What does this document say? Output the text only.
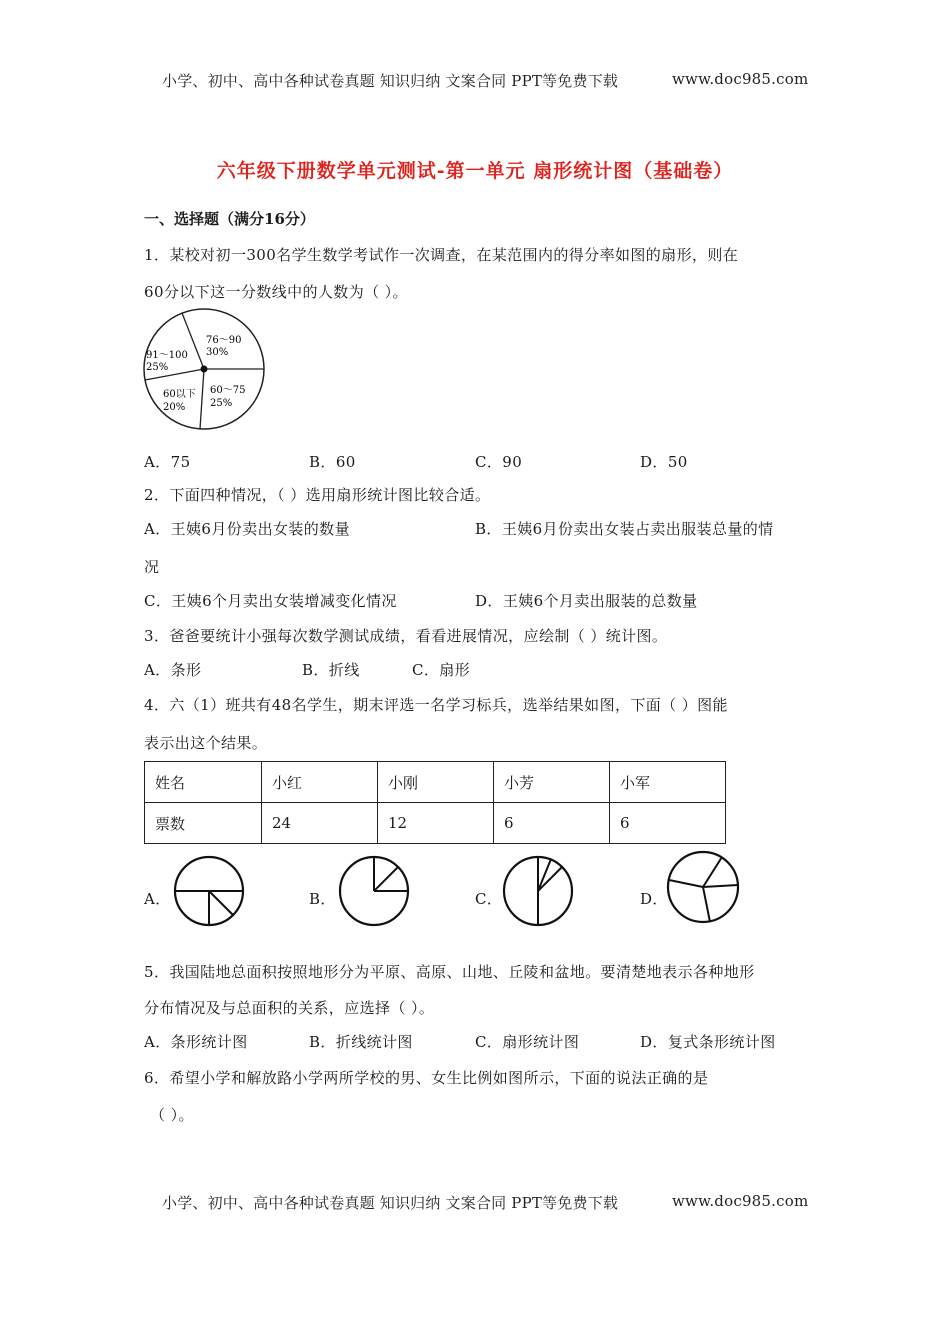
小学、初中、高中各种试卷真题 知识归纳 文案合同 PPT等免费下载	www.doc985.com
六年级下册数学单元测试-第一单元 扇形统计图（基础卷）
一、选择题（满分16分）
1．某校对初一300名学生数学考试作一次调查，在某范围内的得分率如图的扇形，则在
60分以下这一分数线中的人数为（ ）。
76～90
30%
91～100
25%
60以下
20%
60～75
25%
A．75	B．60	C．90	D．50
2．下面四种情况，（ ）选用扇形统计图比较合适。
A．王姨6月份卖出女装的数量	B．王姨6月份卖出女装占卖出服装总量的情
况
C．王姨6个月卖出女装增减变化情况	D．王姨6个月卖出服装的总数量
3．爸爸要统计小强每次数学测试成绩，看看进展情况，应绘制（ ）统计图。
A．条形	B．折线	C．扇形
4．六（1）班共有48名学生，期末评选一名学习标兵，选举结果如图，下面（ ）图能
表示出这个结果。
姓名	小红	小刚	小芳	小军
票数	24	12	6	6
A．	B．	C．	D．
5．我国陆地总面积按照地形分为平原、高原、山地、丘陵和盆地。要清楚地表示各种地形
分布情况及与总面积的关系，应选择（ ）。
A．条形统计图	B．折线统计图	C．扇形统计图	D．复式条形统计图
6．希望小学和解放路小学两所学校的男、女生比例如图所示，下面的说法正确的是
（ ）。
小学、初中、高中各种试卷真题 知识归纳 文案合同 PPT等免费下载	www.doc985.com
